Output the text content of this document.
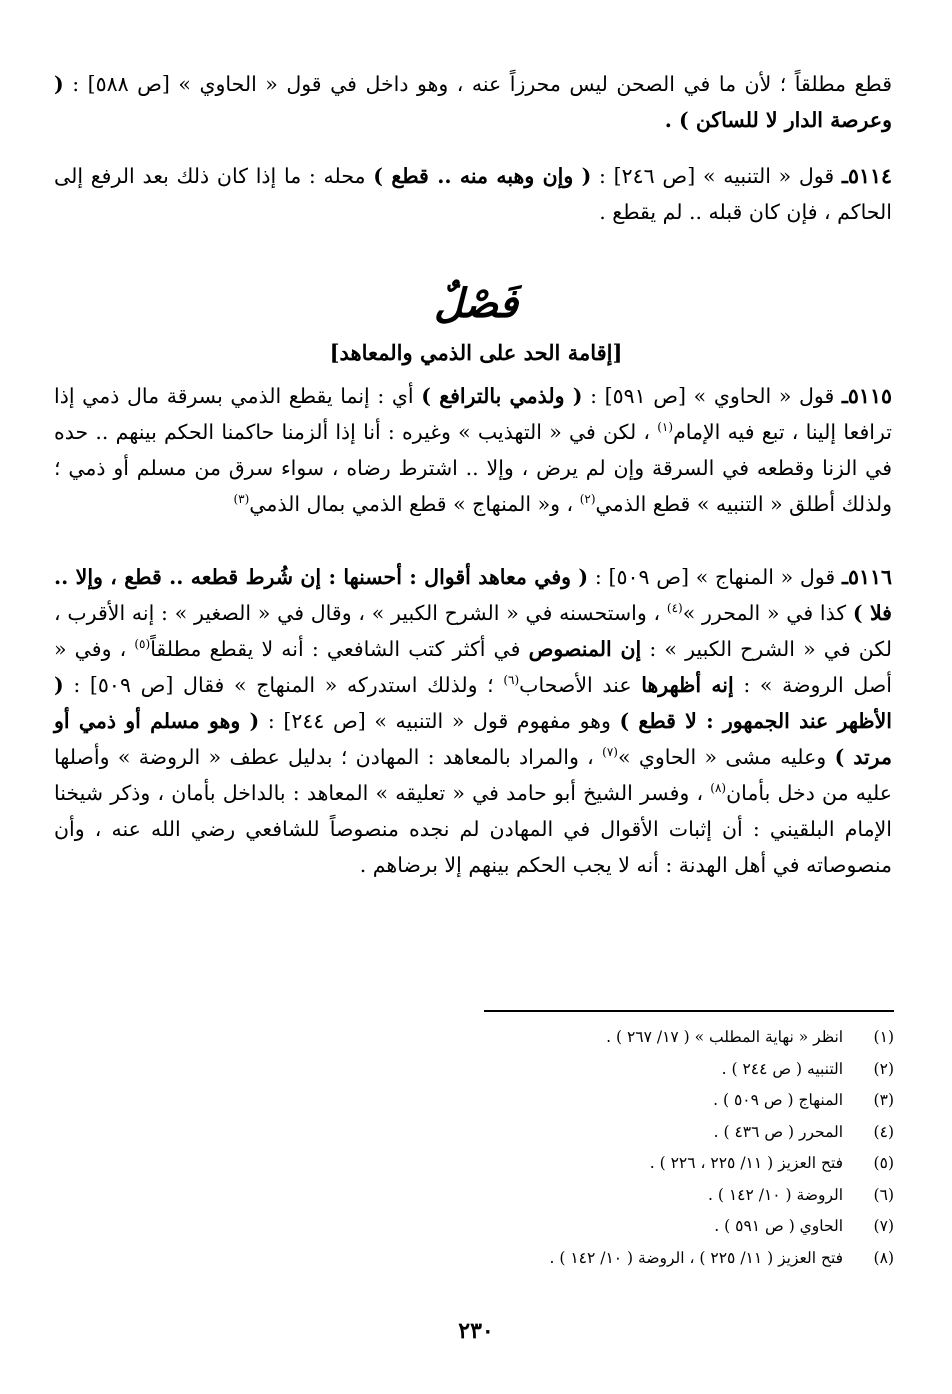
قطع مطلقاً ؛ لأن ما في الصحن ليس محرزاً عنه ، وهو داخل في قول « الحاوي » [ص ٥٨٨] : ( وعرصة الدار لا للساكن ) .

٥١١٤ـ قول « التنبيه » [ص ٢٤٦] : ( وإن وهبه منه .. قطع ) محله : ما إذا كان ذلك بعد الرفع إلى الحاكم ، فإن كان قبله .. لم يقطع .

فَصْلٌ
[إقامة الحد على الذمي والمعاهد]

٥١١٥ـ قول « الحاوي » [ص ٥٩١] : ( ولذمي بالترافع ) أي : إنما يقطع الذمي بسرقة مال ذمي إذا ترافعا إلينا ، تبع فيه الإمام$^{(١)}$ ، لكن في « التهذيب » وغيره : أنا إذا ألزمنا حاكمنا الحكم بينهم .. حده في الزنا وقطعه في السرقة وإن لم يرض ، وإلا .. اشترط رضاه ، سواء سرق من مسلم أو ذمي ؛ ولذلك أطلق « التنبيه » قطع الذمي$^{(٢)}$ ، و« المنهاج » قطع الذمي بمال الذمي$^{(٣)}$

٥١١٦ـ قول « المنهاج » [ص ٥٠٩] : ( وفي معاهد أقوال : أحسنها : إن شُرط قطعه .. قطع ، وإلا .. فلا ) كذا في « المحرر »$^{(٤)}$ ، واستحسنه في « الشرح الكبير » ، وقال في « الصغير » : إنه الأقرب ، لكن في « الشرح الكبير » : إن المنصوص في أكثر كتب الشافعي : أنه لا يقطع مطلقاً$^{(٥)}$ ، وفي « أصل الروضة » : إنه أظهرها عند الأصحاب$^{(٦)}$ ؛ ولذلك استدركه « المنهاج » فقال [ص ٥٠٩] : ( الأظهر عند الجمهور : لا قطع ) وهو مفهوم قول « التنبيه » [ص ٢٤٤] : ( وهو مسلم أو ذمي أو مرتد ) وعليه مشى « الحاوي »$^{(٧)}$ ، والمراد بالمعاهد : المهادن ؛ بدليل عطف « الروضة » وأصلها عليه من دخل بأمان$^{(٨)}$ ، وفسر الشيخ أبو حامد في « تعليقه » المعاهد : بالداخل بأمان ، وذكر شيخنا الإمام البلقيني : أن إثبات الأقوال في المهادن لم نجده منصوصاً للشافعي رضي الله عنه ، وأن منصوصاته في أهل الهدنة : أنه لا يجب الحكم بينهم إلا برضاهم .

(١) انظر « نهاية المطلب » ( ١٧/ ٢٦٧ ) .
(٢) التنبيه ( ص ٢٤٤ ) .
(٣) المنهاج ( ص ٥٠٩ ) .
(٤) المحرر ( ص ٤٣٦ ) .
(٥) فتح العزيز ( ١١/ ٢٢٥ ، ٢٢٦ ) .
(٦) الروضة ( ١٠/ ١٤٢ ) .
(٧) الحاوي ( ص ٥٩١ ) .
(٨) فتح العزيز ( ١١/ ٢٢٥ ) ، الروضة ( ١٠/ ١٤٢ ) .
٢٣٠
